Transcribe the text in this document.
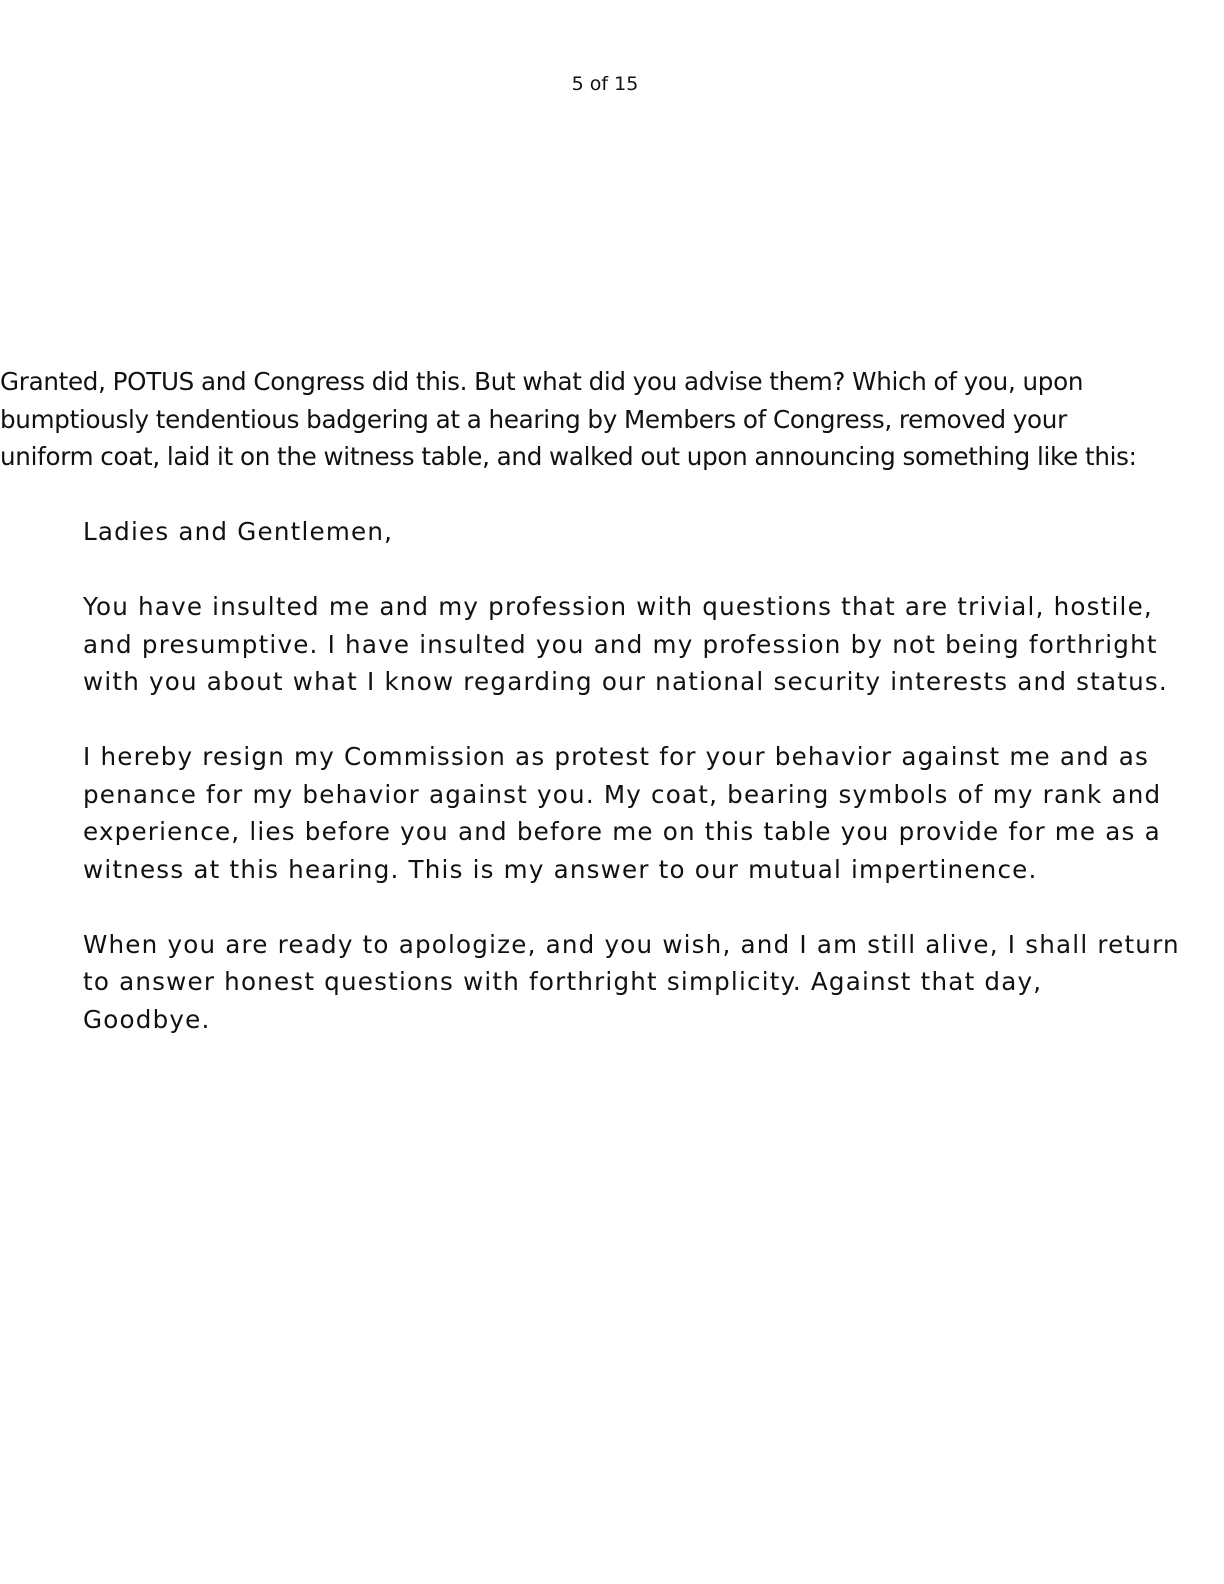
5 of 15
Granted, POTUS and Congress did this. But what did you advise them? Which of you, upon
bumptiously tendentious badgering at a hearing by Members of Congress, removed your
uniform coat, laid it on the witness table, and walked out upon announcing something like this:
Ladies and Gentlemen,
You have insulted me and my profession with questions that are trivial, hostile,
and presumptive. I have insulted you and my profession by not being forthright
with you about what I know regarding our national security interests and status.
I hereby resign my Commission as protest for your behavior against me and as
penance for my behavior against you. My coat, bearing symbols of my rank and
experience, lies before you and before me on this table you provide for me as a
witness at this hearing. This is my answer to our mutual impertinence.
When you are ready to apologize, and you wish, and I am still alive, I shall return
to answer honest questions with forthright simplicity. Against that day,
Goodbye.
